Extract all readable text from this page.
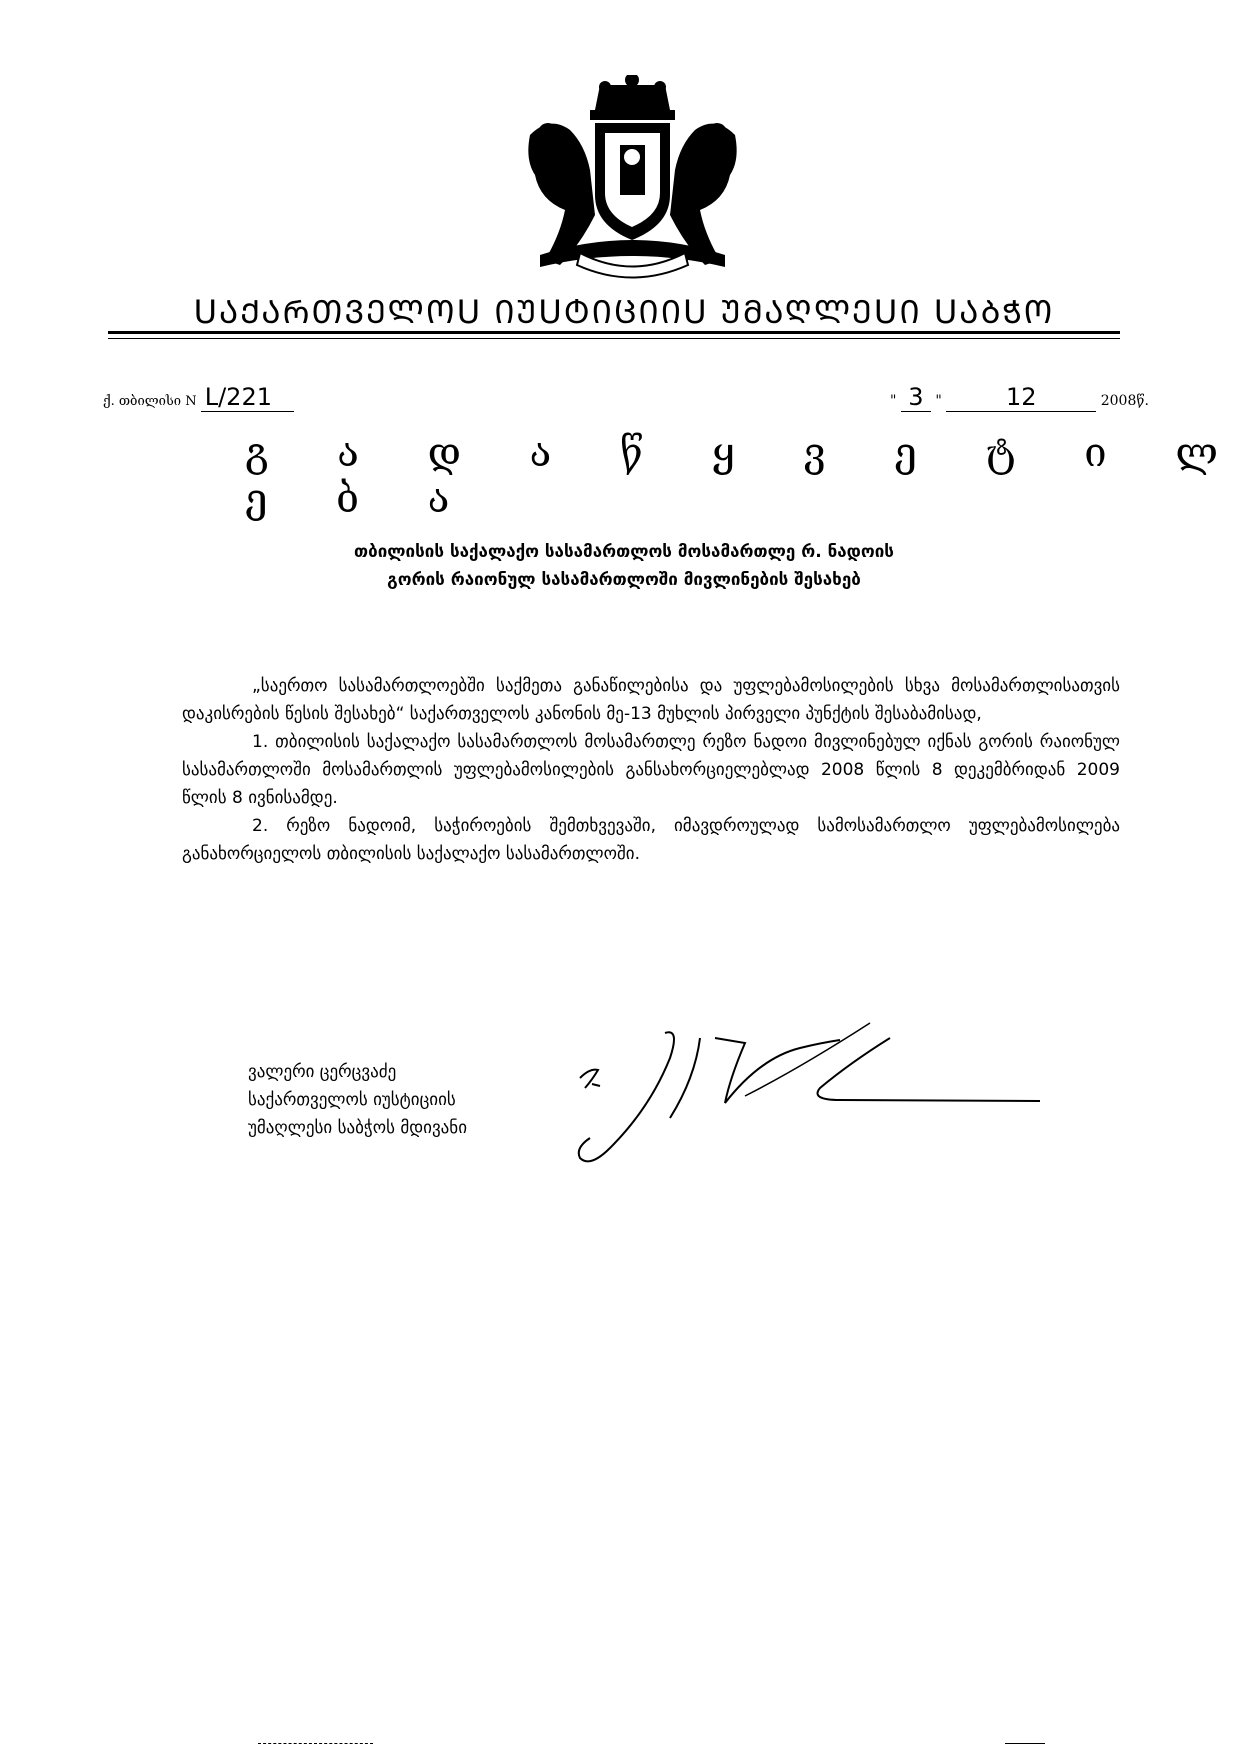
ՍᲐᲥᲐᲠᲗᲕᲔᲚᲝՍ ᲘᲣՍᲢᲘᲪᲘᲘՍ ᲣᲛᲐᲦᲚᲔՍᲘ ՍᲐᲑᲭᲝ
ქ. თბილისი N L/221	" 3 "	12	2008წ.
გ ა დ ა წ ყ ვ ე ტ ი ლ ე ბ ა
თბილისის საქალაქო სასამართლოს მოსამართლე რ. ნადოის
გორის რაიონულ სასამართლოში მივლინების შესახებ

„საერთო სასამართლოებში საქმეთა განაწილებისა და უფლებამოსილების სხვა მოსამართლისათვის დაკისრების წესის შესახებ“ საქართველოს კანონის მე-13 მუხლის პირველი პუნქტის შესაბამისად,

1. თბილისის საქალაქო სასამართლოს მოსამართლე რეზო ნადოი მივლინებულ იქნას გორის რაიონულ სასამართლოში მოსამართლის უფლებამოსილების განსახორციელებლად 2008 წლის 8 დეკემბრიდან 2009 წლის 8 ივნისამდე.

2. რეზო ნადოიმ, საჭიროების შემთხვევაში, იმავდროულად სამოსამართლო უფლებამოსილება განახორციელოს თბილისის საქალაქო სასამართლოში.

ვალერი ცერცვაძე
საქართველოს იუსტიციის
უმაღლესი საბჭოს მდივანი
